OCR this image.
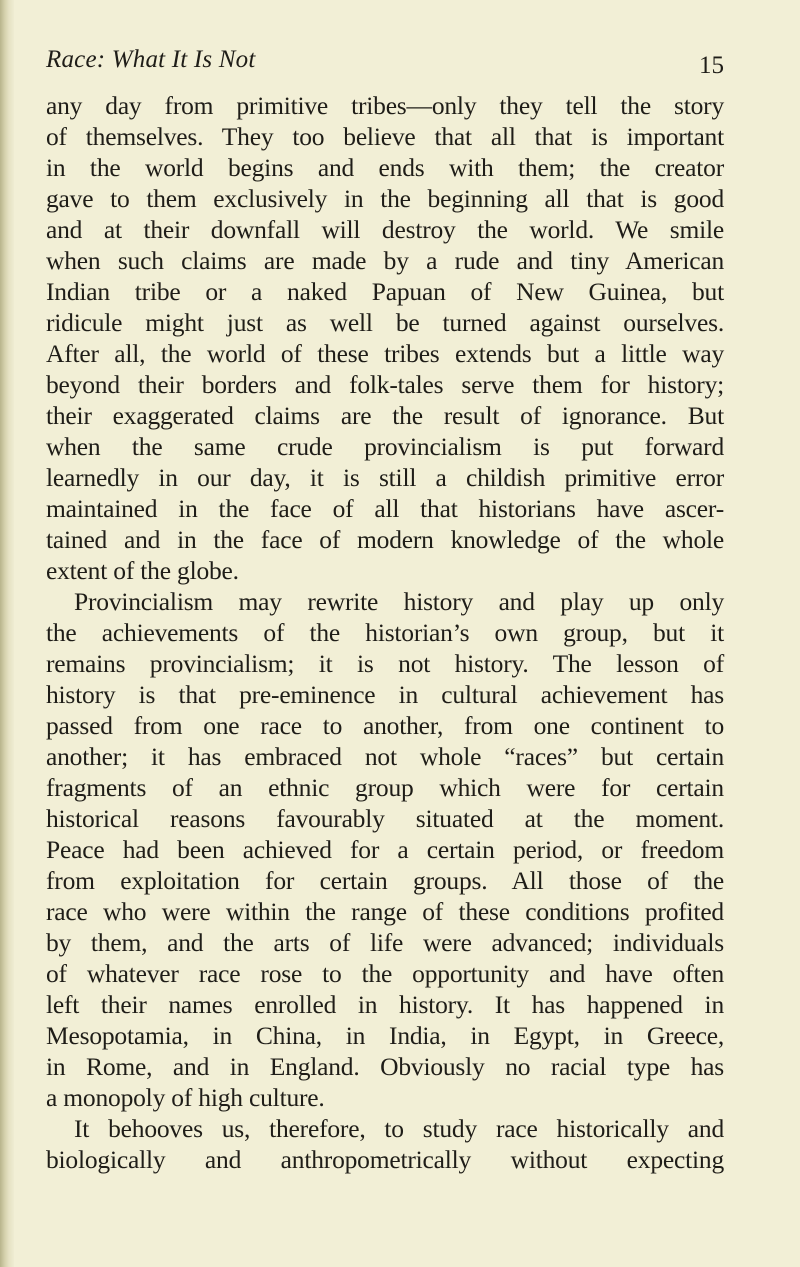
Race: What It Is Not	15
any day from primitive tribes—only they tell the story
of themselves. They too believe that all that is important
in the world begins and ends with them; the creator
gave to them exclusively in the beginning all that is good
and at their downfall will destroy the world. We smile
when such claims are made by a rude and tiny American
Indian tribe or a naked Papuan of New Guinea, but
ridicule might just as well be turned against ourselves.
After all, the world of these tribes extends but a little way
beyond their borders and folk-tales serve them for history;
their exaggerated claims are the result of ignorance. But
when the same crude provincialism is put forward
learnedly in our day, it is still a childish primitive error
maintained in the face of all that historians have ascer-
tained and in the face of modern knowledge of the whole
extent of the globe.
Provincialism may rewrite history and play up only
the achievements of the historian’s own group, but it
remains provincialism; it is not history. The lesson of
history is that pre-eminence in cultural achievement has
passed from one race to another, from one continent to
another; it has embraced not whole “races” but certain
fragments of an ethnic group which were for certain
historical reasons favourably situated at the moment.
Peace had been achieved for a certain period, or freedom
from exploitation for certain groups. All those of the
race who were within the range of these conditions profited
by them, and the arts of life were advanced; individuals
of whatever race rose to the opportunity and have often
left their names enrolled in history. It has happened in
Mesopotamia, in China, in India, in Egypt, in Greece,
in Rome, and in England. Obviously no racial type has
a monopoly of high culture.
It behooves us, therefore, to study race historically and
biologically and anthropometrically without expecting
